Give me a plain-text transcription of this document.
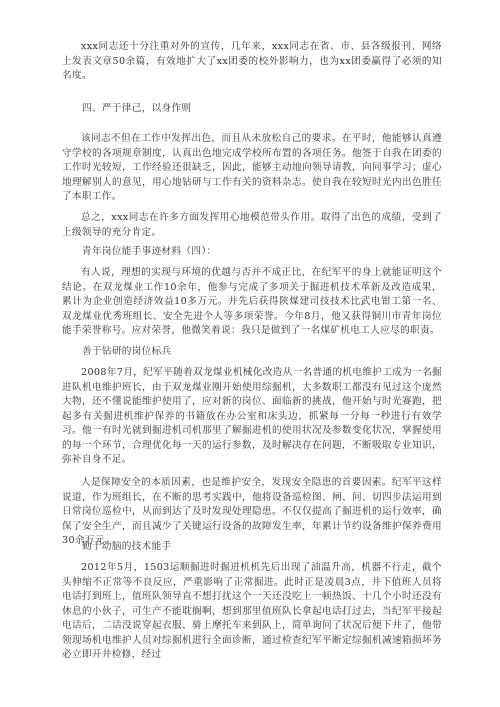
xxx同志还十分注重对外的宣传，几年来，xxx同志在省、市、县各级报刊、网络上发表文章50余篇，有效地扩大了xx团委的校外影响力，也为xx团委赢得了必须的知名度。

四、严于律己，以身作则

该同志不但在工作中发挥出色，而且从未放松自己的要求。在平时，他能够认真遵守学校的各项规章制度，认真出色地完成学校所布置的各项任务。他签于自我在团委的工作时光较短，工作经验还很缺乏，因此，能够主动地向领导请教，向同事学习；虚心地理解别人的意见，用心地钻研与工作有关的资料杂志。使自我在较短时光内出色胜任了本职工作。

总之，xxx同志在许多方面发挥用心地模范带头作用。取得了出色的成绩，受到了上级领导的充分肯定。

青年岗位能手事迹材料（四）：

有人说，理想的实现与环境的优越与否并不成正比，在纪军平的身上就能证明这个结论。在双龙煤业工作10余年，他参与完成了多项关于掘进机技术革新及改造成果，累计为企业创造经济效益10多万元。并先后获得陕煤建司技技术比武电钳工第一名、双龙煤业优秀班组长、安全先进个人等多项荣誉。今年8月，他又获得铜川市青年岗位能手荣誉称号。应对荣誉，他微笑着说：我只是做到了一名煤矿机电工人应尽的职责。

善于钻研的岗位标兵

2008年7月，纪军平随着双龙煤业机械化改造从一名普通的机电维护工成为一名掘进队机电维护班长，由于双龙煤业刚开始使用综掘机，大多数职工都没有见过这个庞然大物，还不懂说能维护使用了，应对新的岗位、面临新的挑战，他开始与时光赛跑，把起多有关掘进机维护保养的书籍放在办公室和床头边，抓紧每一分每一秒进行有效学习。他一有时光就到掘进机司机那里了解掘进机的使用状况及参数变化状况，掌握使用的每一个环节，合理优化每一天的运行参数，及时解决存在问题，不断吸取专业知识，弥补自身不足。

人是保障安全的本质因素，也是维护安全，发现安全隐患的首要因素。纪军平这样说道，作为班组长，在不断的思考实践中，他将设备巡检图、闸、问、切四步法运用到日常岗位巡检中，从而到达了及时发现处理隐患。不仅仅提高了掘进机的运行效率，确保了安全生产，而且减少了关键运行设备的故障发生率，年累计节约设备维护保养费用30余万元。

勤于动脑的技术能手

2012年5月，1503运顺掘进时掘进机机先后出现了油温升高，机器不行走，截个头伸缩不正常等不良反应，严重影响了正常掘进。此时正是凌晨3点，井下值班人员将电话打到班上，值班队领导直不想打扰这个一天还没吃上一顿热饭、十几个小时还没有休息的小伙子，可生产不能耽搁啊，想到那里值班队长拿起电话打过去，当纪军平接起电话后，二话没说穿起衣服、骑上摩托车来到队上，简单询问了状况后便下井了，他带领现场机电维护人员对综掘机进行全面诊断，通过检查纪军平断定综掘机减速箱损坏务必立即开井检修，经过
